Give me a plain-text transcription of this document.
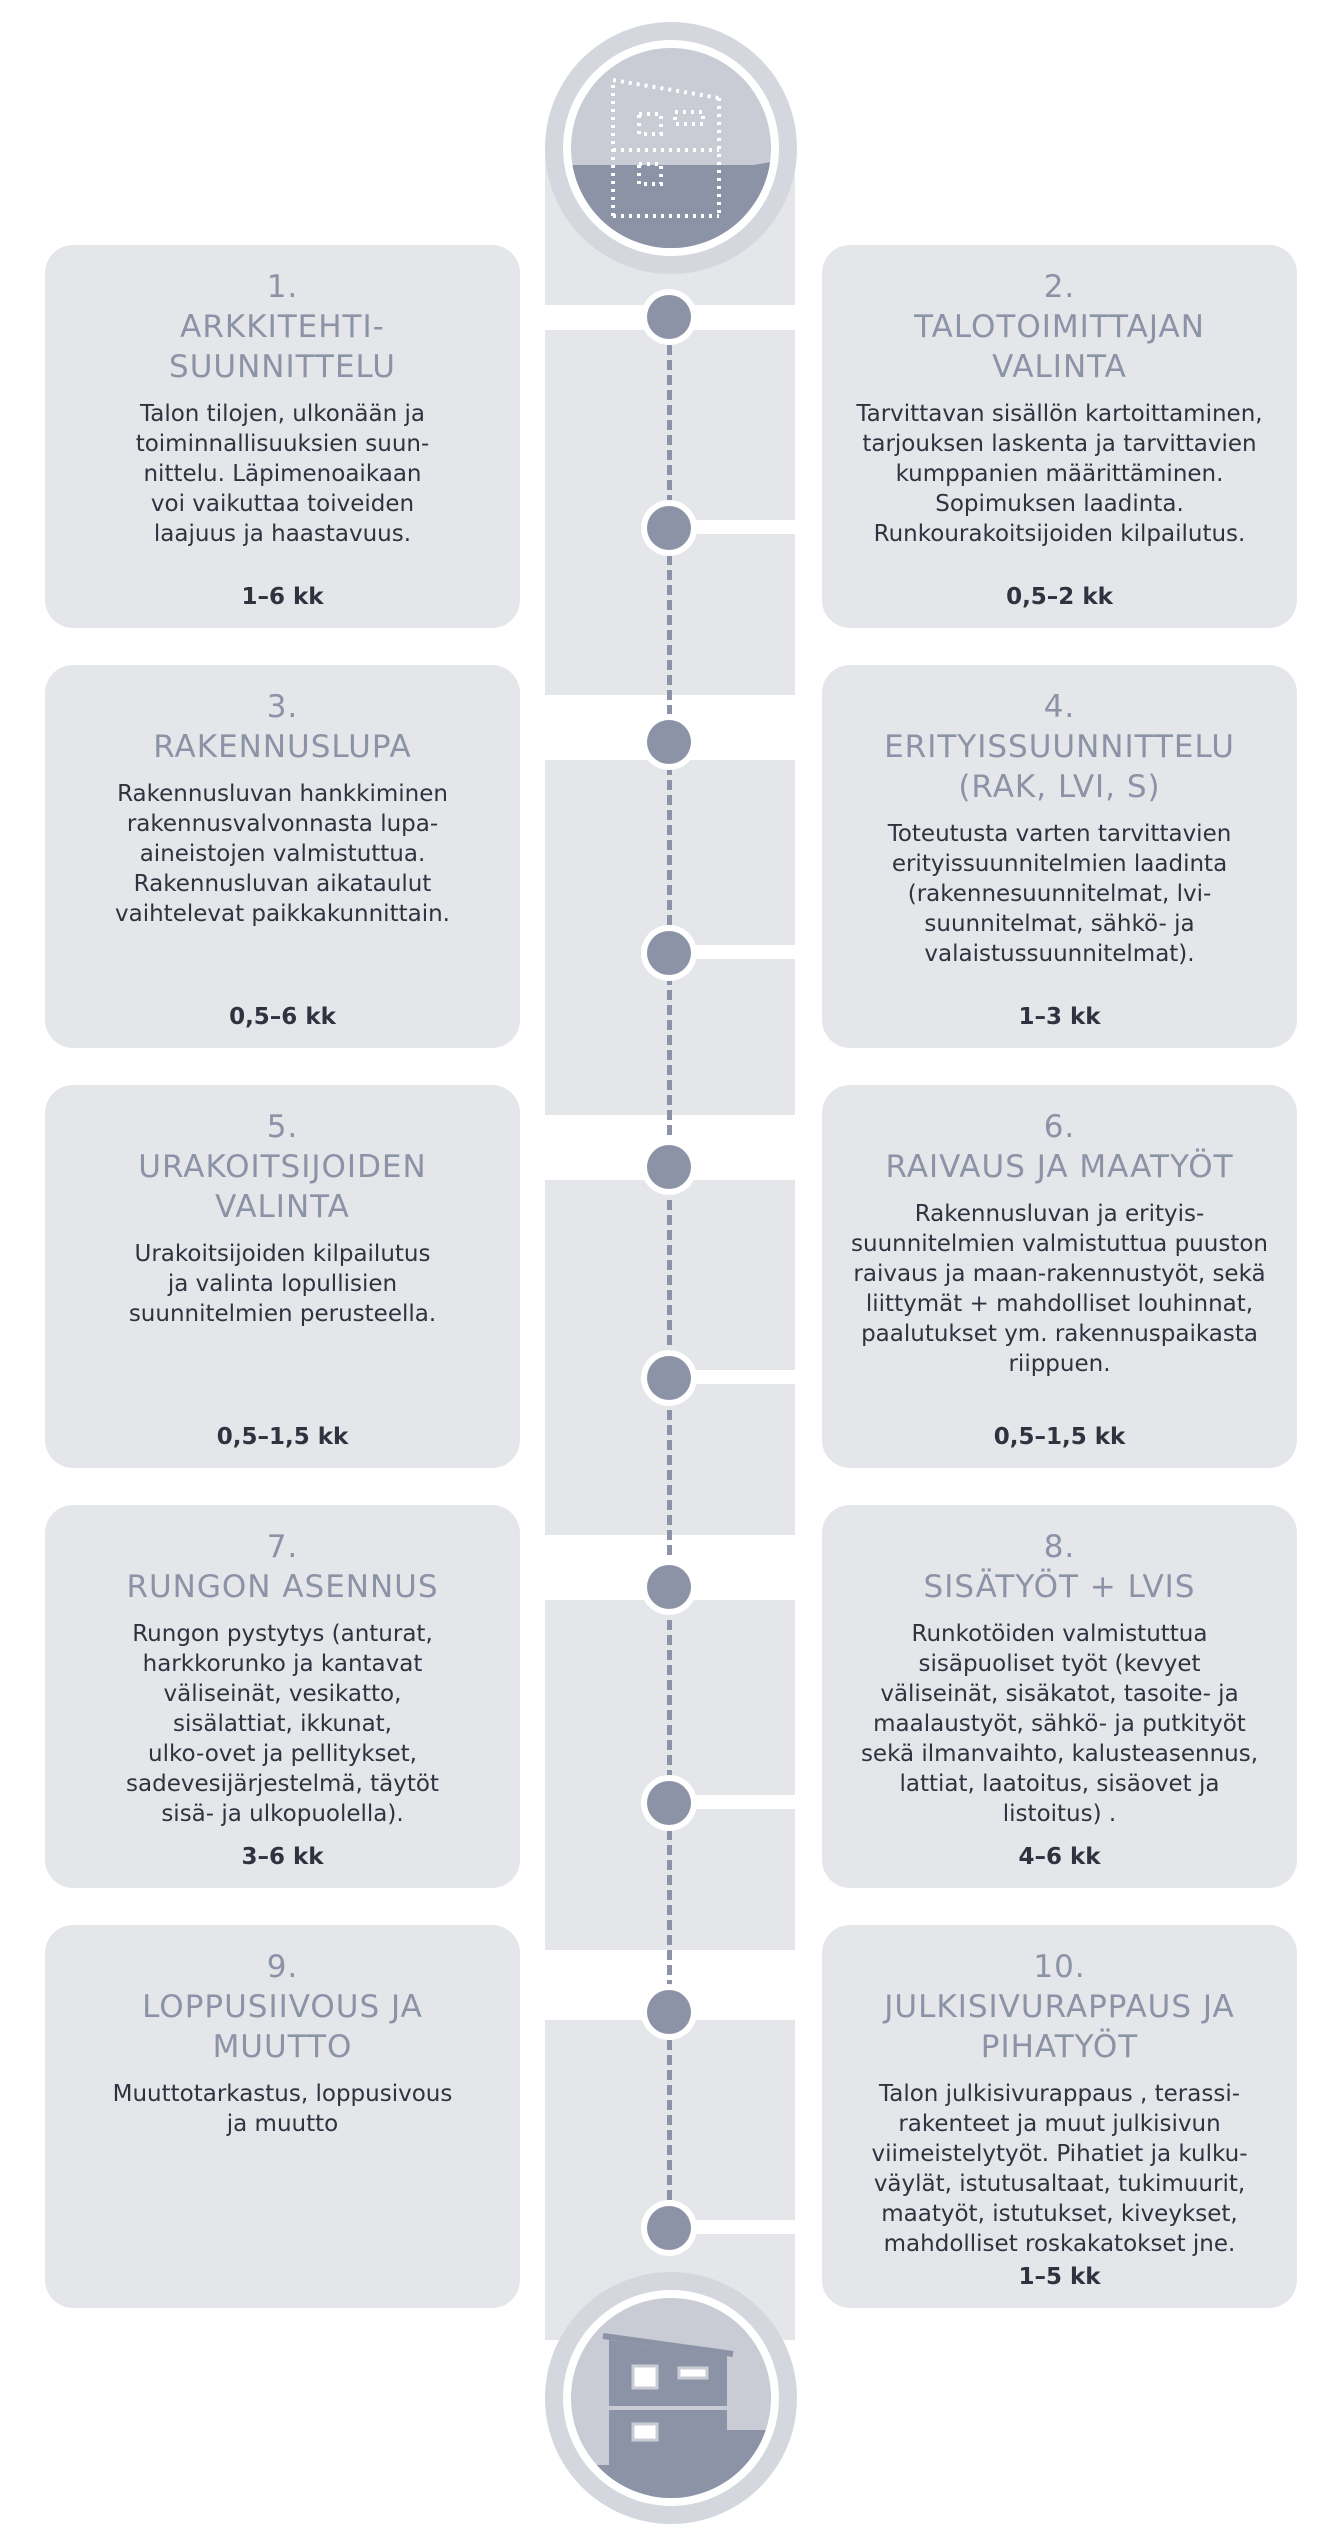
1.

ARKKITEHTI-
SUUNNITTELU

Talon tilojen, ulkonään ja
toiminnallisuuksien suun-
nittelu. Läpimenoaikaan
voi vaikuttaa toiveiden
laajuus ja haastavuus.
1–6 kk

2.

TALOTOIMITTAJAN
VALINTA

Tarvittavan sisällön kartoittaminen,
tarjouksen laskenta ja tarvittavien
kumppanien määrittäminen.
Sopimuksen laadinta.
Runkourakoitsijoiden kilpailutus.
0,5–2 kk

3.

RAKENNUSLUPA

Rakennusluvan hankkiminen
rakennusvalvonnasta lupa-
aineistojen valmistuttua.
Rakennusluvan aikataulut
vaihtelevat paikkakunnittain.
0,5–6 kk

4.

ERITYISSUUNNITTELU
(RAK, LVI, S)

Toteutusta varten tarvittavien
erityissuunnitelmien laadinta
(rakennesuunnitelmat, lvi-
suunnitelmat, sähkö- ja
valaistussuunnitelmat).
1–3 kk

5.

URAKOITSIJOIDEN
VALINTA

Urakoitsijoiden kilpailutus
ja valinta lopullisien
suunnitelmien perusteella.
0,5–1,5 kk

6.

RAIVAUS JA MAATYÖT

Rakennusluvan ja erityis-
suunnitelmien valmistuttua puuston
raivaus ja maan-rakennustyöt, sekä
liittymät + mahdolliset louhinnat,
paalutukset ym. rakennuspaikasta
riippuen.
0,5–1,5 kk

7.

RUNGON ASENNUS

Rungon pystytys (anturat,
harkkorunko ja kantavat
väliseinät, vesikatto,
sisälattiat, ikkunat,
ulko-ovet ja pellitykset,
sadevesijärjestelmä, täytöt
sisä- ja ulkopuolella).
3–6 kk

8.

SISÄTYÖT + LVIS

Runkotöiden valmistuttua
sisäpuoliset työt (kevyet
väliseinät, sisäkatot, tasoite- ja
maalaustyöt, sähkö- ja putkityöt
sekä ilmanvaihto, kalusteasennus,
lattiat, laatoitus, sisäovet ja
listoitus) .
4–6 kk

9.

LOPPUSIIVOUS JA
MUUTTO

Muuttotarkastus, loppusivous
ja muutto

10.

JULKISIVURAPPAUS JA
PIHATYÖT

Talon julkisivurappaus , terassi-
rakenteet ja muut julkisivun
viimeistelytyöt. Pihatiet ja kulku-
väylät, istutusaltaat, tukimuurit,
maatyöt, istutukset, kiveykset,
mahdolliset roskakatokset jne.
1–5 kk
